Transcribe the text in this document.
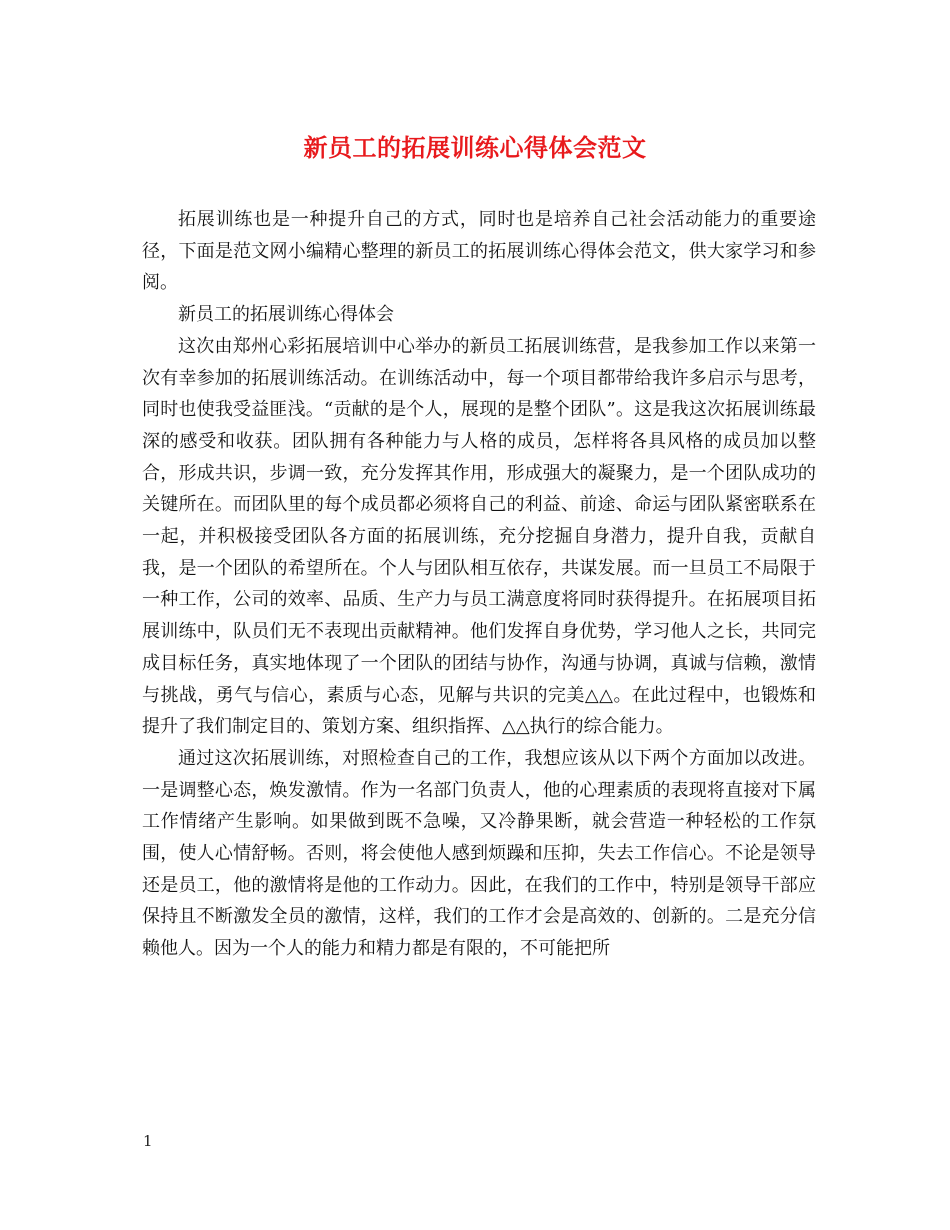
新员工的拓展训练心得体会范文

拓展训练也是一种提升自己的方式，同时也是培养自己社会活动能力的重要途径，下面是范文网小编精心整理的新员工的拓展训练心得体会范文，供大家学习和参阅。

新员工的拓展训练心得体会

这次由郑州心彩拓展培训中心举办的新员工拓展训练营，是我参加工作以来第一次有幸参加的拓展训练活动。在训练活动中，每一个项目都带给我许多启示与思考，同时也使我受益匪浅。“贡献的是个人，展现的是整个团队”。这是我这次拓展训练最深的感受和收获。团队拥有各种能力与人格的成员，怎样将各具风格的成员加以整合，形成共识，步调一致，充分发挥其作用，形成强大的凝聚力，是一个团队成功的关键所在。而团队里的每个成员都必须将自己的利益、前途、命运与团队紧密联系在一起，并积极接受团队各方面的拓展训练，充分挖掘自身潜力，提升自我，贡献自我，是一个团队的希望所在。个人与团队相互依存，共谋发展。而一旦员工不局限于一种工作，公司的效率、品质、生产力与员工满意度将同时获得提升。在拓展项目拓展训练中，队员们无不表现出贡献精神。他们发挥自身优势，学习他人之长，共同完成目标任务，真实地体现了一个团队的团结与协作，沟通与协调，真诚与信赖，激情与挑战，勇气与信心，素质与心态，见解与共识的完美△△。在此过程中，也锻炼和提升了我们制定目的、策划方案、组织指挥、△△执行的综合能力。

通过这次拓展训练，对照检查自己的工作，我想应该从以下两个方面加以改进。一是调整心态，焕发激情。作为一名部门负责人，他的心理素质的表现将直接对下属工作情绪产生影响。如果做到既不急噪，又冷静果断，就会营造一种轻松的工作氛围，使人心情舒畅。否则，将会使他人感到烦躁和压抑，失去工作信心。不论是领导还是员工，他的激情将是他的工作动力。因此，在我们的工作中，特别是领导干部应保持且不断激发全员的激情，这样，我们的工作才会是高效的、创新的。二是充分信赖他人。因为一个人的能力和精力都是有限的，不可能把所

1
